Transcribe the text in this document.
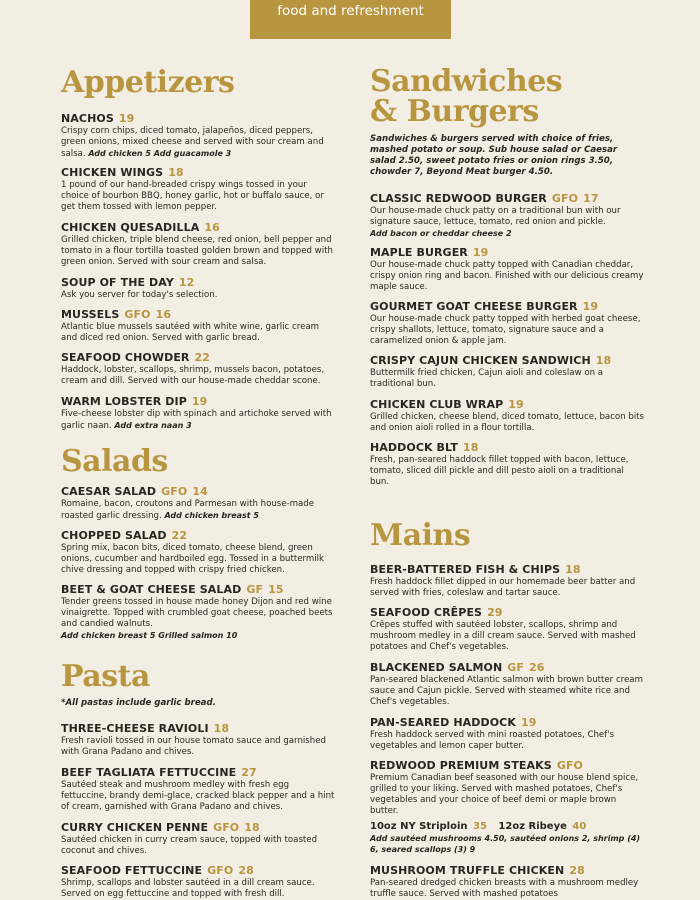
food and refreshment
Appetizers
NACHOS 19
Crispy corn chips, diced tomato, jalapeños, diced peppers, green onions, mixed cheese and served with sour cream and salsa. Add chicken 5 Add guacamole 3
CHICKEN WINGS 18
1 pound of our hand-breaded crispy wings tossed in your choice of bourbon BBQ, honey garlic, hot or buffalo sauce, or get them tossed with lemon pepper.
CHICKEN QUESADILLA 16
Grilled chicken, triple blend cheese, red onion, bell pepper and tomato in a flour tortilla toasted golden brown and topped with green onion. Served with sour cream and salsa.
SOUP OF THE DAY 12
Ask you server for today's selection.
MUSSELS GFO 16
Atlantic blue mussels sautéed with white wine, garlic cream and diced red onion. Served with garlic bread.
SEAFOOD CHOWDER 22
Haddock, lobster, scallops, shrimp, mussels bacon, potatoes, cream and dill. Served with our house-made cheddar scone.
WARM LOBSTER DIP 19
Five-cheese lobster dip with spinach and artichoke served with garlic naan. Add extra naan 3
Salads
CAESAR SALAD GFO 14
Romaine, bacon, croutons and Parmesan with house-made roasted garlic dressing. Add chicken breast 5
CHOPPED SALAD 22
Spring mix, bacon bits, diced tomato, cheese blend, green onions, cucumber and hardboiled egg. Tossed in a buttermilk chive dressing and topped with crispy fried chicken.
BEET & GOAT CHEESE SALAD GF 15
Tender greens tossed in house made honey Dijon and red wine vinaigrette. Topped with crumbled goat cheese, poached beets and candied walnuts.
Add chicken breast 5 Grilled salmon 10
Pasta
*All pastas include garlic bread.
THREE-CHEESE RAVIOLI 18
Fresh ravioli tossed in our house tomato sauce and garnished with Grana Padano and chives.
BEEF TAGLIATA FETTUCCINE 27
Sautéed steak and mushroom medley with fresh egg fettuccine, brandy demi-glace, cracked black pepper and a hint of cream, garnished with Grana Padano and chives.
CURRY CHICKEN PENNE GFO 18
Sautéed chicken in curry cream sauce, topped with toasted coconut and chives.
SEAFOOD FETTUCCINE GFO 28
Shrimp, scallops and lobster sautéed in a dill cream sauce. Served on egg fettuccine and topped with fresh dill.
Sandwiches
& Burgers
Sandwiches & burgers served with choice of fries, mashed potato or soup. Sub house salad or Caesar salad 2.50, sweet potato fries or onion rings 3.50, chowder 7, Beyond Meat burger 4.50.
CLASSIC REDWOOD BURGER GFO 17
Our house-made chuck patty on a traditional bun with our signature sauce, lettuce, tomato, red onion and pickle.
Add bacon or cheddar cheese 2
MAPLE BURGER 19
Our house-made chuck patty topped with Canadian cheddar, crispy onion ring and bacon. Finished with our delicious creamy maple sauce.
GOURMET GOAT CHEESE BURGER 19
Our house-made chuck patty topped with herbed goat cheese, crispy shallots, lettuce, tomato, signature sauce and a caramelized onion & apple jam.
CRISPY CAJUN CHICKEN SANDWICH 18
Buttermilk fried chicken, Cajun aioli and coleslaw on a traditional bun.
CHICKEN CLUB WRAP 19
Grilled chicken, cheese blend, diced tomato, lettuce, bacon bits and onion aioli rolled in a flour tortilla.
HADDOCK BLT 18
Fresh, pan-seared haddock fillet topped with bacon, lettuce, tomato, sliced dill pickle and dill pesto aioli on a traditional bun.
Mains
BEER-BATTERED FISH & CHIPS 18
Fresh haddock fillet dipped in our homemade beer batter and served with fries, coleslaw and tartar sauce.
SEAFOOD CRÊPES 29
Crêpes stuffed with sautéed lobster, scallops, shrimp and mushroom medley in a dill cream sauce. Served with mashed potatoes and Chef's vegetables.
BLACKENED SALMON GF 26
Pan-seared blackened Atlantic salmon with brown butter cream sauce and Cajun pickle. Served with steamed white rice and Chef's vegetables.
PAN-SEARED HADDOCK 19
Fresh haddock served with mini roasted potatoes, Chef's vegetables and lemon caper butter.
REDWOOD PREMIUM STEAKS GFO
Premium Canadian beef seasoned with our house blend spice, grilled to your liking. Served with mashed potatoes, Chef's vegetables and your choice of beef demi or maple brown butter.
10oz NY Striploin 35 12oz Ribeye 40
Add sautéed mushrooms 4.50, sautéed onions 2, shrimp (4) 6, seared scallops (3) 9
MUSHROOM TRUFFLE CHICKEN 28
Pan-seared dredged chicken breasts with a mushroom medley truffle sauce. Served with mashed potatoes
